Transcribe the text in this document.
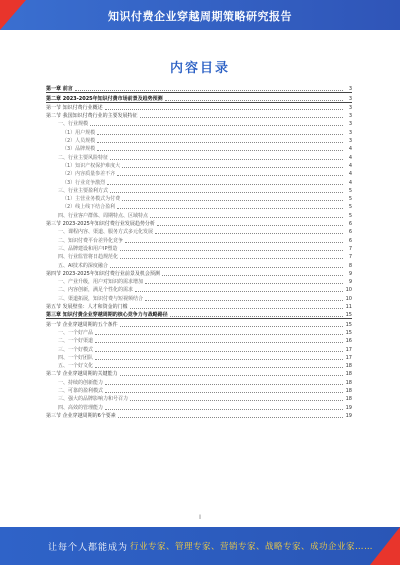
知识付费企业穿越周期策略研究报告
内容目录
第一章 前言	3
第二章 2023-2025年知识付费市场前景及趋势预测	3
第一节 知识付费行业概述	3
第二节 我国知识付费行业的主要发展特征	3
一、行业规模	3
（1）用户规模	3
（2）人员规模	3
（3）品牌规模	4
二、行业主要风险特征	4
（1）知识产权保护难度大	4
（2）内容质量参差不齐	4
（3）行业竞争激烈	4
三、行业主要盈利方式	5
（1）主营业务模式为付费	5
（2）线上线下结合盈利	5
四、行业客户群体、周期特点、区域特点	5
第三节 2023-2025年知识付费行业发展趋势分析	6
一、课程内容、渠道、服务方式多元化发展	6
二、知识付费平台差异化竞争	6
三、品牌建设和用户IP塑造	7
四、行业监管将日趋规范化	7
五、AI技术的深度融合	8
第四节 2023-2025年知识付费行业前景及机会预测	9
一、产业升级，用户对知识的需求增加	9
二、内容创新，满足个性化的需求	10
三、渠道拓展，知识付费与短视频结合	10
第五节 发展壁垒：人才和资金的门槛	11
第三章 知识付费企业穿越周期的核心竞争力与战略路径	15
第一节 企业穿越周期的五个条件	15
一、一个好产品	15
二、一个好渠道	16
三、一个好模式	17
四、一个好团队	17
五、一个好文化	18
第二节 企业穿越周期的关键能力	18
一、持续的创新能力	18
二、可靠的盈利模式	18
三、强大的品牌影响力和号召力	18
四、高效的管理能力	19
第三节 企业穿越周期的6个要素	19
I
让每个人都能成为 行业专家、管理专家、营销专家、战略专家、成功企业家……
